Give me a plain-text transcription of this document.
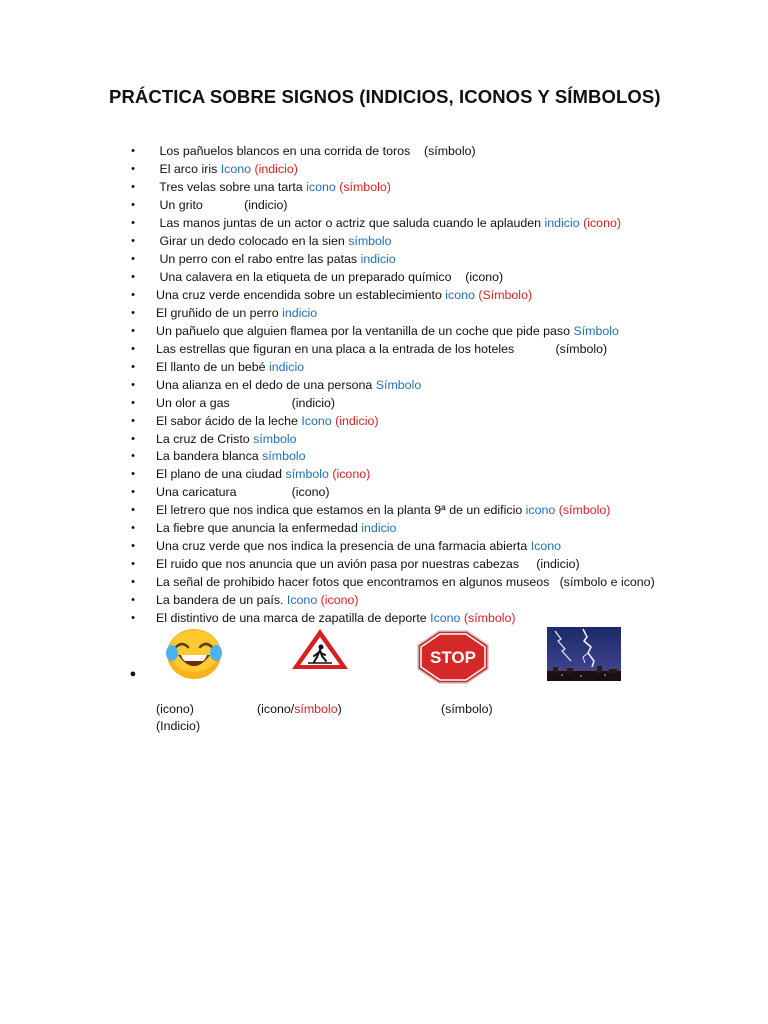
PRÁCTICA SOBRE SIGNOS (INDICIOS, ICONOS Y SÍMBOLOS)
• Los pañuelos blancos en una corrida de toros    (símbolo)
• El arco iris Icono (indicio)
• Tres velas sobre una tarta icono (símbolo)
• Un grito            (indicio)
• Las manos juntas de un actor o actriz que saluda cuando le aplauden indicio (icono)
• Girar un dedo colocado en la sien símbolo
• Un perro con el rabo entre las patas indicio
• Una calavera en la etiqueta de un preparado químico    (icono)
• Una cruz verde encendida sobre un establecimiento icono (Símbolo)
• El gruñido de un perro indicio
• Un pañuelo que alguien flamea por la ventanilla de un coche que pide paso Símbolo
• Las estrellas que figuran en una placa a la entrada de los hoteles            (símbolo)
• El llanto de un bebé indicio
• Una alianza en el dedo de una persona Símbolo
• Un olor a gas                  (indicio)
• El sabor ácido de la leche Icono (indicio)
• La cruz de Cristo símbolo
• La bandera blanca símbolo
• El plano de una ciudad símbolo (icono)
• Una caricatura                (icono)
• El letrero que nos indica que estamos en la planta 9ª de un edificio icono (símbolo)
• La fiebre que anuncia la enfermedad indicio
• Una cruz verde que nos indica la presencia de una farmacia abierta Icono
• El ruido que nos anuncia que un avión pasa por nuestras cabezas     (indicio)
• La señal de prohibido hacer fotos que encontramos en algunos museos   (símbolo e icono)
• La bandera de un país. Icono (icono)
• El distintivo de una marca de zapatilla de deporte Icono (símbolo)
STOP
●
(icono)	(icono/símbolo)	(símbolo)
(Indicio)
